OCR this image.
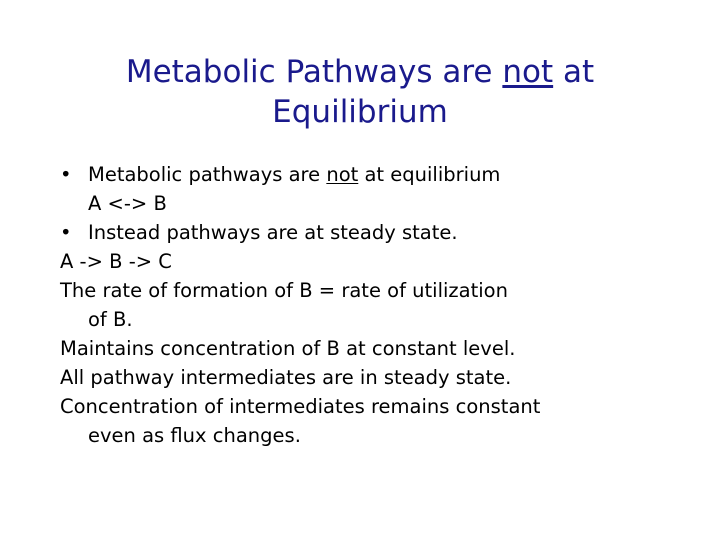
Metabolic Pathways are not at
Equilibrium
• Metabolic pathways are not at equilibrium
A <-> B
• Instead pathways are at steady state.
A -> B -> C
The rate of formation of B = rate of utilization
of B.
Maintains concentration of B at constant level.
All pathway intermediates are in steady state.
Concentration of intermediates remains constant
even as flux changes.
